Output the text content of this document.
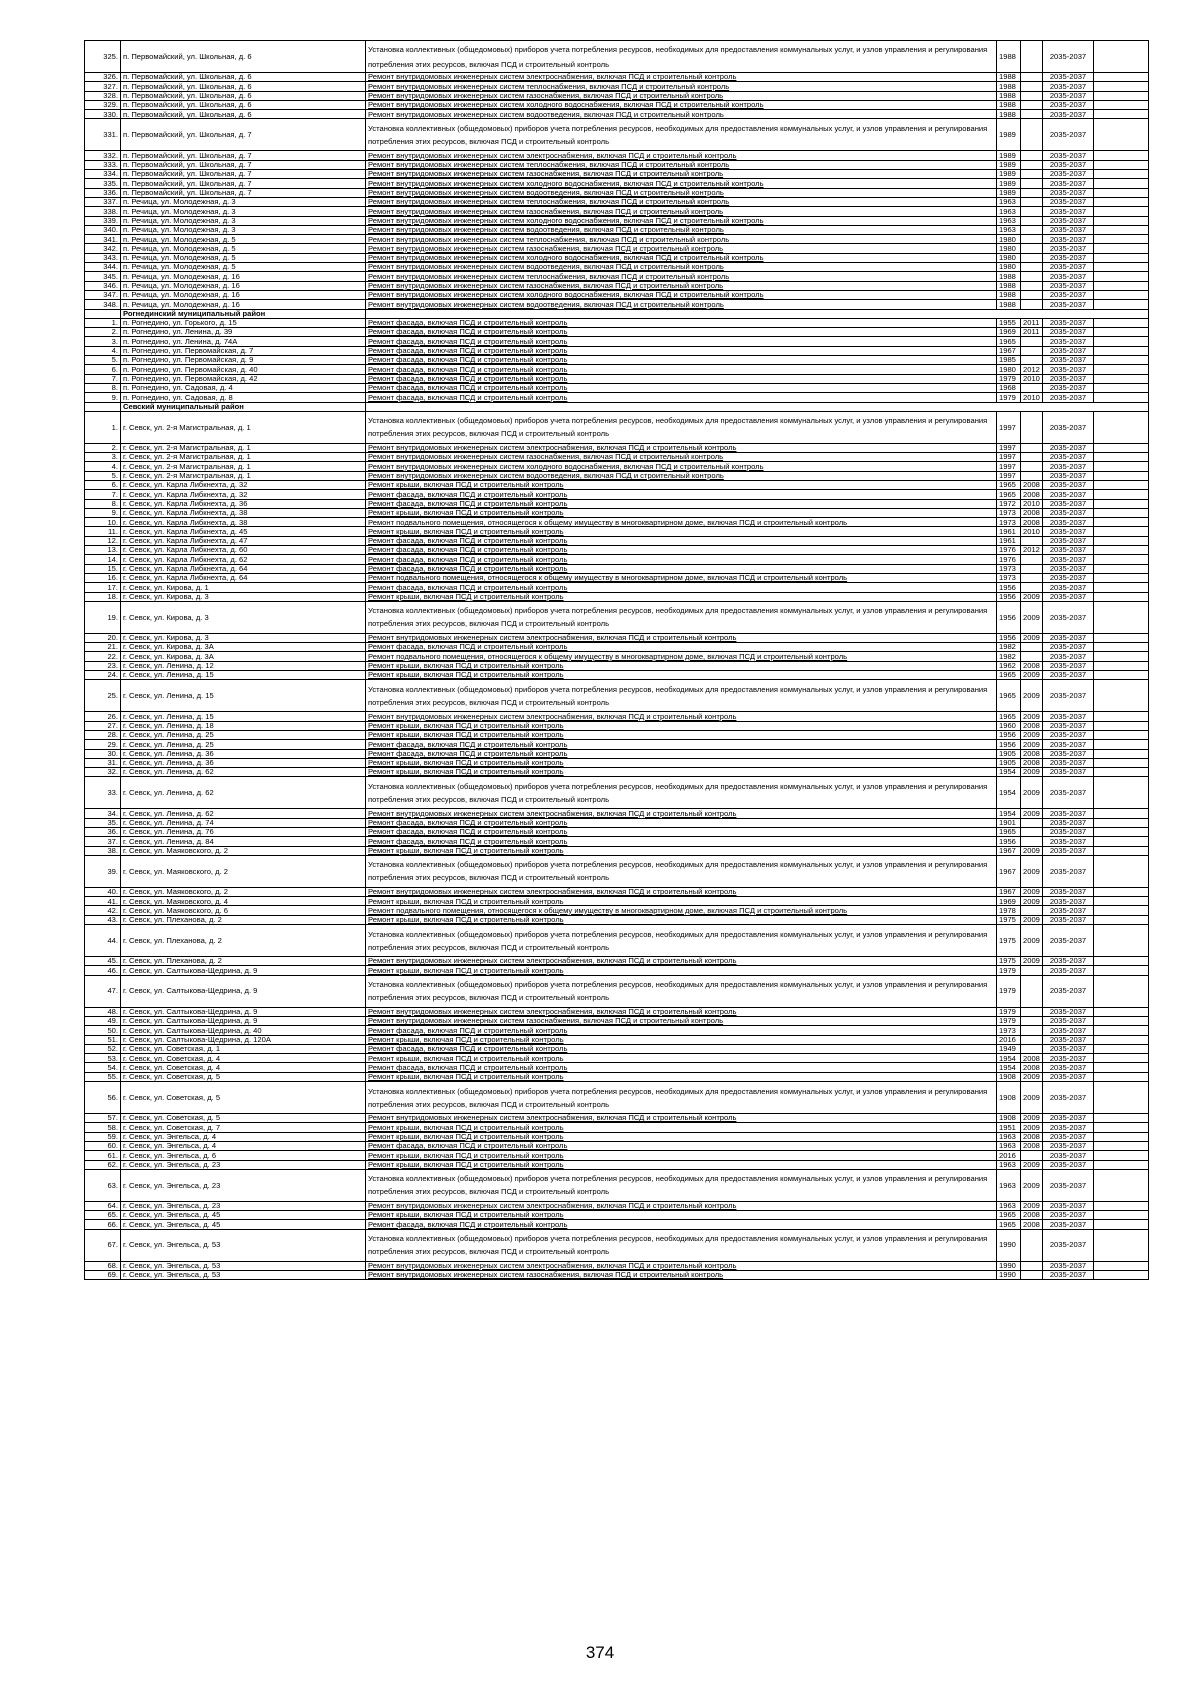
325.	п. Первомайский, ул. Школьная, д. 6	Установка коллективных (общедомовых) приборов учета потребления ресурсов, необходимых для предоставления коммунальных услуг, и узлов управления и регулирования потребления этих ресурсов, включая ПСД и строительный контроль	1988		2035-2037	
326.	п. Первомайский, ул. Школьная, д. 6	Ремонт внутридомовых инженерных систем электроснабжения, включая ПСД и строительный контроль	1988		2035-2037	
327.	п. Первомайский, ул. Школьная, д. 6	Ремонт внутридомовых инженерных систем теплоснабжения, включая ПСД и строительный контроль	1988		2035-2037	
328.	п. Первомайский, ул. Школьная, д. 6	Ремонт внутридомовых инженерных систем газоснабжения, включая ПСД и строительный контроль	1988		2035-2037	
329.	п. Первомайский, ул. Школьная, д. 6	Ремонт внутридомовых инженерных систем холодного водоснабжения, включая ПСД и строительный контроль	1988		2035-2037	
330.	п. Первомайский, ул. Школьная, д. 6	Ремонт внутридомовых инженерных систем водоотведения, включая ПСД и строительный контроль	1988		2035-2037	
331.	п. Первомайский, ул. Школьная, д. 7	Установка коллективных (общедомовых) приборов учета потребления ресурсов, необходимых для предоставления коммунальных услуг, и узлов управления и регулирования потребления этих ресурсов, включая ПСД и строительный контроль	1989		2035-2037	
332.	п. Первомайский, ул. Школьная, д. 7	Ремонт внутридомовых инженерных систем электроснабжения, включая ПСД и строительный контроль	1989		2035-2037	
333.	п. Первомайский, ул. Школьная, д. 7	Ремонт внутридомовых инженерных систем теплоснабжения, включая ПСД и строительный контроль	1989		2035-2037	
334.	п. Первомайский, ул. Школьная, д. 7	Ремонт внутридомовых инженерных систем газоснабжения, включая ПСД и строительный контроль	1989		2035-2037	
335.	п. Первомайский, ул. Школьная, д. 7	Ремонт внутридомовых инженерных систем холодного водоснабжения, включая ПСД и строительный контроль	1989		2035-2037	
336.	п. Первомайский, ул. Школьная, д. 7	Ремонт внутридомовых инженерных систем водоотведения, включая ПСД и строительный контроль	1989		2035-2037	
337.	п. Речица, ул. Молодежная, д. 3	Ремонт внутридомовых инженерных систем теплоснабжения, включая ПСД и строительный контроль	1963		2035-2037	
338.	п. Речица, ул. Молодежная, д. 3	Ремонт внутридомовых инженерных систем газоснабжения, включая ПСД и строительный контроль	1963		2035-2037	
339.	п. Речица, ул. Молодежная, д. 3	Ремонт внутридомовых инженерных систем холодного водоснабжения, включая ПСД и строительный контроль	1963		2035-2037	
340.	п. Речица, ул. Молодежная, д. 3	Ремонт внутридомовых инженерных систем водоотведения, включая ПСД и строительный контроль	1963		2035-2037	
341.	п. Речица, ул. Молодежная, д. 5	Ремонт внутридомовых инженерных систем теплоснабжения, включая ПСД и строительный контроль	1980		2035-2037	
342.	п. Речица, ул. Молодежная, д. 5	Ремонт внутридомовых инженерных систем газоснабжения, включая ПСД и строительный контроль	1980		2035-2037	
343.	п. Речица, ул. Молодежная, д. 5	Ремонт внутридомовых инженерных систем холодного водоснабжения, включая ПСД и строительный контроль	1980		2035-2037	
344.	п. Речица, ул. Молодежная, д. 5	Ремонт внутридомовых инженерных систем водоотведения, включая ПСД и строительный контроль	1980		2035-2037	
345.	п. Речица, ул. Молодежная, д. 16	Ремонт внутридомовых инженерных систем теплоснабжения, включая ПСД и строительный контроль	1988		2035-2037	
346.	п. Речица, ул. Молодежная, д. 16	Ремонт внутридомовых инженерных систем газоснабжения, включая ПСД и строительный контроль	1988		2035-2037	
347.	п. Речица, ул. Молодежная, д. 16	Ремонт внутридомовых инженерных систем холодного водоснабжения, включая ПСД и строительный контроль	1988		2035-2037	
348.	п. Речица, ул. Молодежная, д. 16	Ремонт внутридомовых инженерных систем водоотведения, включая ПСД и строительный контроль	1988		2035-2037	
	Рогнединский муниципальный район					
1.	п. Рогнедино, ул. Горького, д. 15	Ремонт фасада, включая ПСД и строительный контроль	1955	2011	2035-2037	
2.	п. Рогнедино, ул. Ленина, д. 39	Ремонт фасада, включая ПСД и строительный контроль	1969	2011	2035-2037	
3.	п. Рогнедино, ул. Ленина, д. 74А	Ремонт фасада, включая ПСД и строительный контроль	1965		2035-2037	
4.	п. Рогнедино, ул. Первомайская, д. 7	Ремонт фасада, включая ПСД и строительный контроль	1967		2035-2037	
5.	п. Рогнедино, ул. Первомайская, д. 9	Ремонт фасада, включая ПСД и строительный контроль	1985		2035-2037	
6.	п. Рогнедино, ул. Первомайская, д. 40	Ремонт фасада, включая ПСД и строительный контроль	1980	2012	2035-2037	
7.	п. Рогнедино, ул. Первомайская, д. 42	Ремонт фасада, включая ПСД и строительный контроль	1979	2010	2035-2037	
8.	п. Рогнедино, ул. Садовая, д. 4	Ремонт фасада, включая ПСД и строительный контроль	1968		2035-2037	
9.	п. Рогнедино, ул. Садовая, д. 8	Ремонт фасада, включая ПСД и строительный контроль	1979	2010	2035-2037	
	Севский муниципальный район					
1.	г. Севск, ул. 2-я Магистральная, д. 1	Установка коллективных (общедомовых) приборов учета потребления ресурсов, необходимых для предоставления коммунальных услуг, и узлов управления и регулирования потребления этих ресурсов, включая ПСД и строительный контроль	1997		2035-2037	
2.	г. Севск, ул. 2-я Магистральная, д. 1	Ремонт внутридомовых инженерных систем электроснабжения, включая ПСД и строительный контроль	1997		2035-2037	
3.	г. Севск, ул. 2-я Магистральная, д. 1	Ремонт внутридомовых инженерных систем газоснабжения, включая ПСД и строительный контроль	1997		2035-2037	
4.	г. Севск, ул. 2-я Магистральная, д. 1	Ремонт внутридомовых инженерных систем холодного водоснабжения, включая ПСД и строительный контроль	1997		2035-2037	
5.	г. Севск, ул. 2-я Магистральная, д. 1	Ремонт внутридомовых инженерных систем водоотведения, включая ПСД и строительный контроль	1997		2035-2037	
6.	г. Севск, ул. Карла Либкнехта, д. 32	Ремонт крыши, включая ПСД и строительный контроль	1965	2008	2035-2037	
7.	г. Севск, ул. Карла Либкнехта, д. 32	Ремонт фасада, включая ПСД и строительный контроль	1965	2008	2035-2037	
8.	г. Севск, ул. Карла Либкнехта, д. 36	Ремонт фасада, включая ПСД и строительный контроль	1972	2010	2035-2037	
9.	г. Севск, ул. Карла Либкнехта, д. 38	Ремонт крыши, включая ПСД и строительный контроль	1973	2008	2035-2037	
10.	г. Севск, ул. Карла Либкнехта, д. 38	Ремонт подвального помещения, относящегося к общему имуществу в многоквартирном доме, включая ПСД и строительный контроль	1973	2008	2035-2037	
11.	г. Севск, ул. Карла Либкнехта, д. 45	Ремонт крыши, включая ПСД и строительный контроль	1961	2010	2035-2037	
12.	г. Севск, ул. Карла Либкнехта, д. 47	Ремонт фасада, включая ПСД и строительный контроль	1961		2035-2037	
13.	г. Севск, ул. Карла Либкнехта, д. 60	Ремонт фасада, включая ПСД и строительный контроль	1976	2012	2035-2037	
14.	г. Севск, ул. Карла Либкнехта, д. 62	Ремонт фасада, включая ПСД и строительный контроль	1976		2035-2037	
15.	г. Севск, ул. Карла Либкнехта, д. 64	Ремонт фасада, включая ПСД и строительный контроль	1973		2035-2037	
16.	г. Севск, ул. Карла Либкнехта, д. 64	Ремонт подвального помещения, относящегося к общему имуществу в многоквартирном доме, включая ПСД и строительный контроль	1973		2035-2037	
17.	г. Севск, ул. Кирова, д. 1	Ремонт фасада, включая ПСД и строительный контроль	1956		2035-2037	
18.	г. Севск, ул. Кирова, д. 3	Ремонт крыши, включая ПСД и строительный контроль	1956	2009	2035-2037	
19.	г. Севск, ул. Кирова, д. 3	Установка коллективных (общедомовых) приборов учета потребления ресурсов, необходимых для предоставления коммунальных услуг, и узлов управления и регулирования потребления этих ресурсов, включая ПСД и строительный контроль	1956	2009	2035-2037	
20.	г. Севск, ул. Кирова, д. 3	Ремонт внутридомовых инженерных систем электроснабжения, включая ПСД и строительный контроль	1956	2009	2035-2037	
21.	г. Севск, ул. Кирова, д. 3А	Ремонт фасада, включая ПСД и строительный контроль	1982		2035-2037	
22.	г. Севск, ул. Кирова, д. 3А	Ремонт подвального помещения, относящегося к общему имуществу в многоквартирном доме, включая ПСД и строительный контроль	1982		2035-2037	
23.	г. Севск, ул. Ленина, д. 12	Ремонт крыши, включая ПСД и строительный контроль	1962	2008	2035-2037	
24.	г. Севск, ул. Ленина, д. 15	Ремонт крыши, включая ПСД и строительный контроль	1965	2009	2035-2037	
25.	г. Севск, ул. Ленина, д. 15	Установка коллективных (общедомовых) приборов учета потребления ресурсов, необходимых для предоставления коммунальных услуг, и узлов управления и регулирования потребления этих ресурсов, включая ПСД и строительный контроль	1965	2009	2035-2037	
26.	г. Севск, ул. Ленина, д. 15	Ремонт внутридомовых инженерных систем электроснабжения, включая ПСД и строительный контроль	1965	2009	2035-2037	
27.	г. Севск, ул. Ленина, д. 18	Ремонт крыши, включая ПСД и строительный контроль	1960	2008	2035-2037	
28.	г. Севск, ул. Ленина, д. 25	Ремонт крыши, включая ПСД и строительный контроль	1956	2009	2035-2037	
29.	г. Севск, ул. Ленина, д. 25	Ремонт фасада, включая ПСД и строительный контроль	1956	2009	2035-2037	
30.	г. Севск, ул. Ленина, д. 36	Ремонт фасада, включая ПСД и строительный контроль	1905	2008	2035-2037	
31.	г. Севск, ул. Ленина, д. 36	Ремонт крыши, включая ПСД и строительный контроль	1905	2008	2035-2037	
32.	г. Севск, ул. Ленина, д. 62	Ремонт крыши, включая ПСД и строительный контроль	1954	2009	2035-2037	
33.	г. Севск, ул. Ленина, д. 62	Установка коллективных (общедомовых) приборов учета потребления ресурсов, необходимых для предоставления коммунальных услуг, и узлов управления и регулирования потребления этих ресурсов, включая ПСД и строительный контроль	1954	2009	2035-2037	
34.	г. Севск, ул. Ленина, д. 62	Ремонт внутридомовых инженерных систем электроснабжения, включая ПСД и строительный контроль	1954	2009	2035-2037	
35.	г. Севск, ул. Ленина, д. 74	Ремонт фасада, включая ПСД и строительный контроль	1901		2035-2037	
36.	г. Севск, ул. Ленина, д. 76	Ремонт фасада, включая ПСД и строительный контроль	1965		2035-2037	
37.	г. Севск, ул. Ленина, д. 84	Ремонт фасада, включая ПСД и строительный контроль	1956		2035-2037	
38.	г. Севск, ул. Маяковского, д. 2	Ремонт крыши, включая ПСД и строительный контроль	1967	2009	2035-2037	
39.	г. Севск, ул. Маяковского, д. 2	Установка коллективных (общедомовых) приборов учета потребления ресурсов, необходимых для предоставления коммунальных услуг, и узлов управления и регулирования потребления этих ресурсов, включая ПСД и строительный контроль	1967	2009	2035-2037	
40.	г. Севск, ул. Маяковского, д. 2	Ремонт внутридомовых инженерных систем электроснабжения, включая ПСД и строительный контроль	1967	2009	2035-2037	
41.	г. Севск, ул. Маяковского, д. 4	Ремонт крыши, включая ПСД и строительный контроль	1969	2009	2035-2037	
42.	г. Севск, ул. Маяковского, д. 6	Ремонт подвального помещения, относящегося к общему имуществу в многоквартирном доме, включая ПСД и строительный контроль	1978		2035-2037	
43.	г. Севск, ул. Плеханова, д. 2	Ремонт крыши, включая ПСД и строительный контроль	1975	2009	2035-2037	
44.	г. Севск, ул. Плеханова, д. 2	Установка коллективных (общедомовых) приборов учета потребления ресурсов, необходимых для предоставления коммунальных услуг, и узлов управления и регулирования потребления этих ресурсов, включая ПСД и строительный контроль	1975	2009	2035-2037	
45.	г. Севск, ул. Плеханова, д. 2	Ремонт внутридомовых инженерных систем электроснабжения, включая ПСД и строительный контроль	1975	2009	2035-2037	
46.	г. Севск, ул. Салтыкова-Щедрина, д. 9	Ремонт крыши, включая ПСД и строительный контроль	1979		2035-2037	
47.	г. Севск, ул. Салтыкова-Щедрина, д. 9	Установка коллективных (общедомовых) приборов учета потребления ресурсов, необходимых для предоставления коммунальных услуг, и узлов управления и регулирования потребления этих ресурсов, включая ПСД и строительный контроль	1979		2035-2037	
48.	г. Севск, ул. Салтыкова-Щедрина, д. 9	Ремонт внутридомовых инженерных систем электроснабжения, включая ПСД и строительный контроль	1979		2035-2037	
49.	г. Севск, ул. Салтыкова-Щедрина, д. 9	Ремонт внутридомовых инженерных систем газоснабжения, включая ПСД и строительный контроль	1979		2035-2037	
50.	г. Севск, ул. Салтыкова-Щедрина, д. 40	Ремонт фасада, включая ПСД и строительный контроль	1973		2035-2037	
51.	г. Севск, ул. Салтыкова-Щедрина, д. 120А	Ремонт крыши, включая ПСД и строительный контроль	2016		2035-2037	
52.	г. Севск, ул. Советская, д. 1	Ремонт фасада, включая ПСД и строительный контроль	1949		2035-2037	
53.	г. Севск, ул. Советская, д. 4	Ремонт крыши, включая ПСД и строительный контроль	1954	2008	2035-2037	
54.	г. Севск, ул. Советская, д. 4	Ремонт фасада, включая ПСД и строительный контроль	1954	2008	2035-2037	
55.	г. Севск, ул. Советская, д. 5	Ремонт крыши, включая ПСД и строительный контроль	1908	2009	2035-2037	
56.	г. Севск, ул. Советская, д. 5	Установка коллективных (общедомовых) приборов учета потребления ресурсов, необходимых для предоставления коммунальных услуг, и узлов управления и регулирования потребления этих ресурсов, включая ПСД и строительный контроль	1908	2009	2035-2037	
57.	г. Севск, ул. Советская, д. 5	Ремонт внутридомовых инженерных систем электроснабжения, включая ПСД и строительный контроль	1908	2009	2035-2037	
58.	г. Севск, ул. Советская, д. 7	Ремонт крыши, включая ПСД и строительный контроль	1951	2009	2035-2037	
59.	г. Севск, ул. Энгельса, д. 4	Ремонт крыши, включая ПСД и строительный контроль	1963	2008	2035-2037	
60.	г. Севск, ул. Энгельса, д. 4	Ремонт фасада, включая ПСД и строительный контроль	1963	2008	2035-2037	
61.	г. Севск, ул. Энгельса, д. 6	Ремонт крыши, включая ПСД и строительный контроль	2016		2035-2037	
62.	г. Севск, ул. Энгельса, д. 23	Ремонт крыши, включая ПСД и строительный контроль	1963	2009	2035-2037	
63.	г. Севск, ул. Энгельса, д. 23	Установка коллективных (общедомовых) приборов учета потребления ресурсов, необходимых для предоставления коммунальных услуг, и узлов управления и регулирования потребления этих ресурсов, включая ПСД и строительный контроль	1963	2009	2035-2037	
64.	г. Севск, ул. Энгельса, д. 23	Ремонт внутридомовых инженерных систем электроснабжения, включая ПСД и строительный контроль	1963	2009	2035-2037	
65.	г. Севск, ул. Энгельса, д. 45	Ремонт крыши, включая ПСД и строительный контроль	1965	2008	2035-2037	
66.	г. Севск, ул. Энгельса, д. 45	Ремонт фасада, включая ПСД и строительный контроль	1965	2008	2035-2037	
67.	г. Севск, ул. Энгельса, д. 53	Установка коллективных (общедомовых) приборов учета потребления ресурсов, необходимых для предоставления коммунальных услуг, и узлов управления и регулирования потребления этих ресурсов, включая ПСД и строительный контроль	1990		2035-2037	
68.	г. Севск, ул. Энгельса, д. 53	Ремонт внутридомовых инженерных систем электроснабжения, включая ПСД и строительный контроль	1990		2035-2037	
69.	г. Севск, ул. Энгельса, д. 53	Ремонт внутридомовых инженерных систем газоснабжения, включая ПСД и строительный контроль	1990		2035-2037	
374
